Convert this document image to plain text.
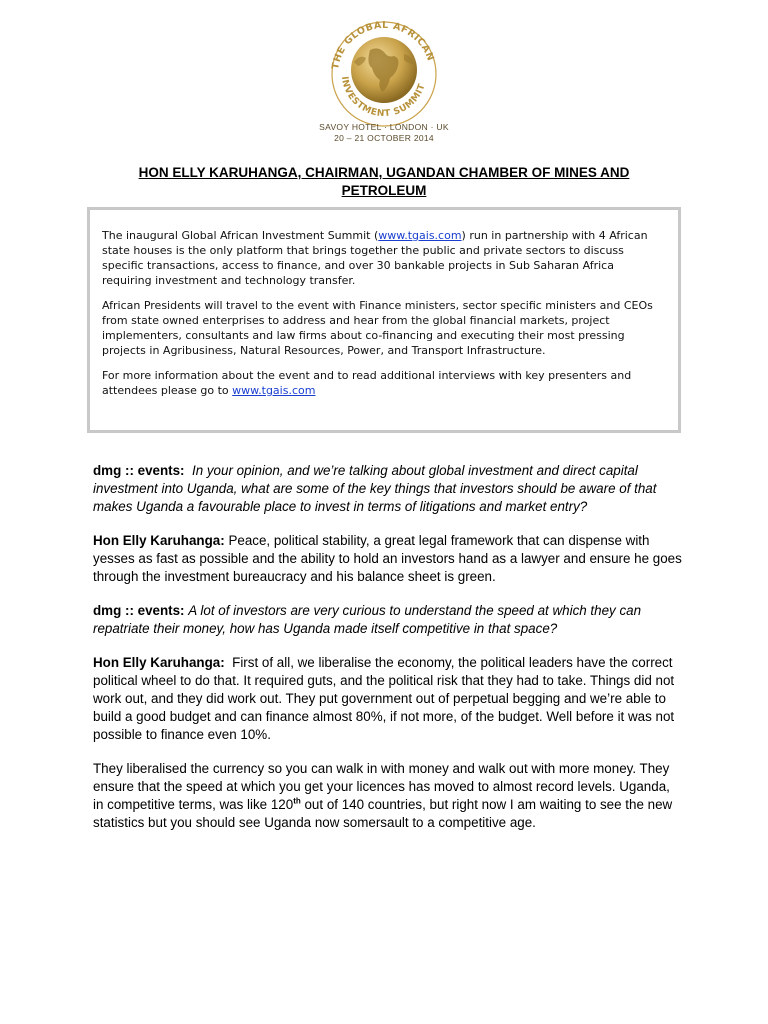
THE GLOBAL AFRICAN
INVESTMENT SUMMIT
SAVOY HOTEL · LONDON · UK
20 – 21 OCTOBER 2014
HON ELLY KARUHANGA, CHAIRMAN, UGANDAN CHAMBER OF MINES AND PETROLEUM

The inaugural Global African Investment Summit (www.tgais.com) run in partnership with 4 African state houses is the only platform that brings together the public and private sectors to discuss specific transactions, access to finance, and over 30 bankable projects in Sub Saharan Africa requiring investment and technology transfer.

African Presidents will travel to the event with Finance ministers, sector specific ministers and CEOs from state owned enterprises to address and hear from the global financial markets, project implementers, consultants and law firms about co-financing and executing their most pressing projects in Agribusiness, Natural Resources, Power, and Transport Infrastructure.

For more information about the event and to read additional interviews with key presenters and attendees please go to www.tgais.com

dmg :: events: In your opinion, and we’re talking about global investment and direct capital investment into Uganda, what are some of the key things that investors should be aware of that makes Uganda a favourable place to invest in terms of litigations and market entry?

Hon Elly Karuhanga: Peace, political stability, a great legal framework that can dispense with yesses as fast as possible and the ability to hold an investors hand as a lawyer and ensure he goes through the investment bureaucracy and his balance sheet is green.

dmg :: events: A lot of investors are very curious to understand the speed at which they can repatriate their money, how has Uganda made itself competitive in that space?

Hon Elly Karuhanga: First of all, we liberalise the economy, the political leaders have the correct political wheel to do that. It required guts, and the political risk that they had to take. Things did not work out, and they did work out. They put government out of perpetual begging and we’re able to build a good budget and can finance almost 80%, if not more, of the budget. Well before it was not possible to finance even 10%.

They liberalised the currency so you can walk in with money and walk out with more money. They ensure that the speed at which you get your licences has moved to almost record levels. Uganda, in competitive terms, was like 120th out of 140 countries, but right now I am waiting to see the new statistics but you should see Uganda now somersault to a competitive age.
